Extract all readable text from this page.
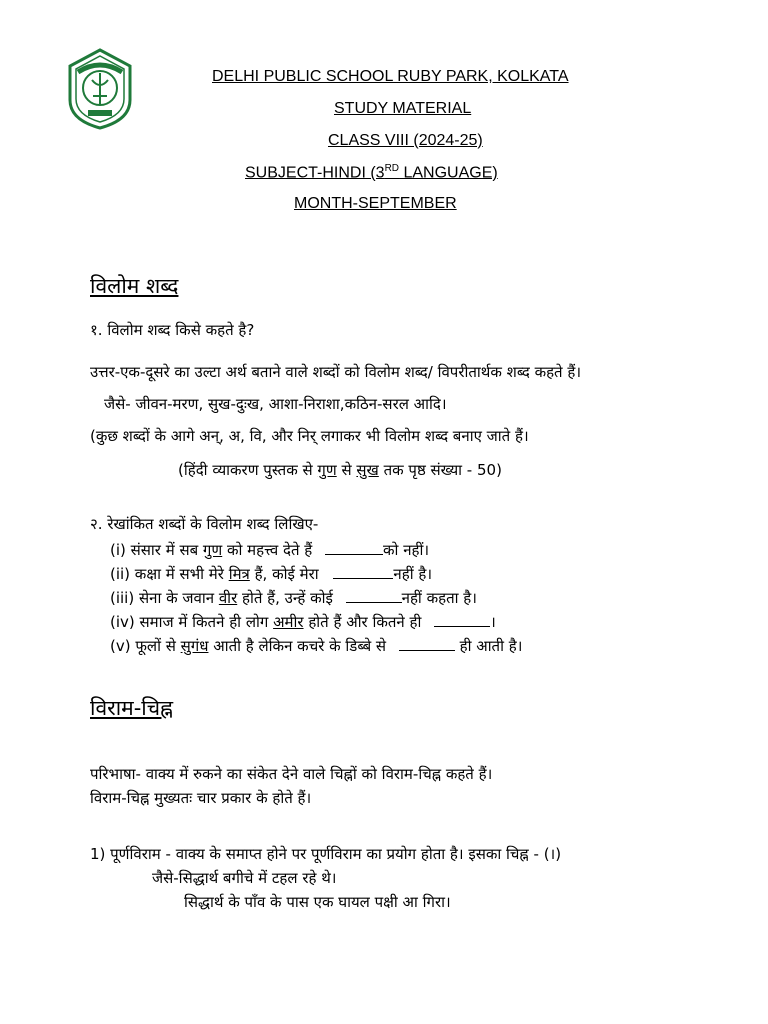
DELHI PUBLIC SCHOOL RUBY PARK, KOLKATA
STUDY MATERIAL
CLASS VIII (2024-25)
SUBJECT-HINDI (3RD LANGUAGE)
MONTH-SEPTEMBER
विलोम शब्द
१. विलोम शब्द किसे कहते है?
उत्तर-एक-दूसरे का उल्टा अर्थ बताने वाले शब्दों को विलोम शब्द/ विपरीतार्थक शब्द कहते हैं।
जैसे- जीवन-मरण, सुख-दुःख, आशा-निराशा,कठिन-सरल आदि।
(कुछ शब्दों के आगे अन्, अ, वि, और निर् लगाकर भी विलोम शब्द बनाए जाते हैं।
(हिंदी व्याकरण पुस्तक से गुण से सुख तक पृष्ठ संख्या - 50)
२. रेखांकित शब्दों के विलोम शब्द लिखिए-
(i) संसार में सब गुण को महत्त्व देते हैं	को नहीं।
(ii) कक्षा में सभी मेरे मित्र हैं, कोई मेरा	नहीं है।
(iii) सेना के जवान वीर होते हैं, उन्हें कोई	नहीं कहता है।
(iv) समाज में कितने ही लोग अमीर होते हैं और कितने ही	।
(v) फूलों से सुगंध आती है लेकिन कचरे के डिब्बे से	ही आती है।
विराम-चिह्न
परिभाषा- वाक्य में रुकने का संकेत देने वाले चिह्नों को विराम-चिह्न कहते हैं।
विराम-चिह्न मुख्यतः चार प्रकार के होते हैं।
1) पूर्णविराम - वाक्य के समाप्त होने पर पूर्णविराम का प्रयोग होता है। इसका चिह्न - (।)
जैसे-सिद्धार्थ बगीचे में टहल रहे थे।
सिद्धार्थ के पाँव के पास एक घायल पक्षी आ गिरा।
